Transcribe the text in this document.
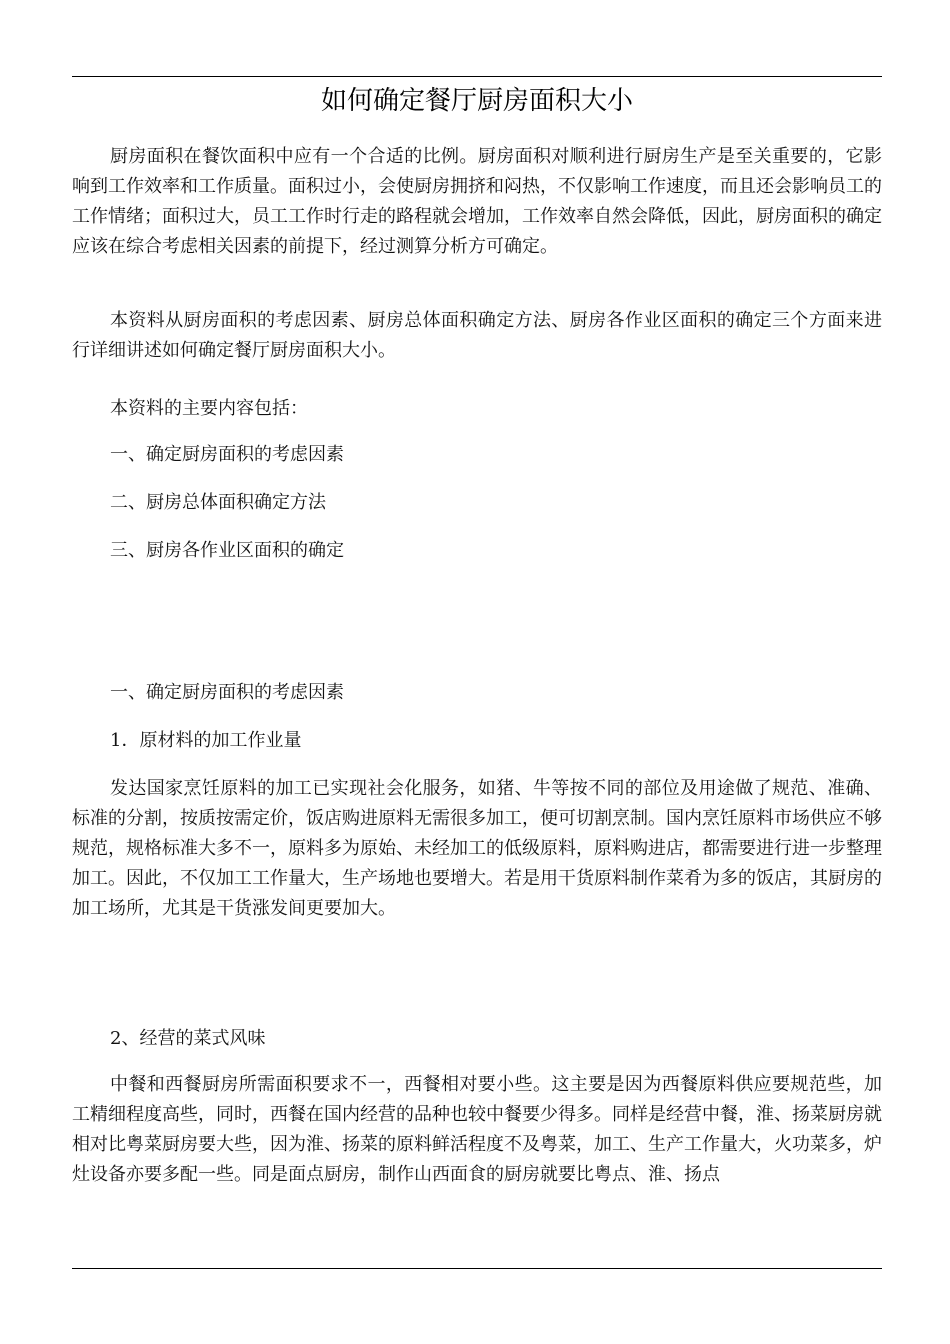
如何确定餐厅厨房面积大小

厨房面积在餐饮面积中应有一个合适的比例。厨房面积对顺利进行厨房生产是至关重要的，它影响到工作效率和工作质量。面积过小，会使厨房拥挤和闷热，不仅影响工作速度，而且还会影响员工的工作情绪；面积过大，员工工作时行走的路程就会增加，工作效率自然会降低，因此，厨房面积的确定应该在综合考虑相关因素的前提下，经过测算分析方可确定。

本资料从厨房面积的考虑因素、厨房总体面积确定方法、厨房各作业区面积的确定三个方面来进行详细讲述如何确定餐厅厨房面积大小。

本资料的主要内容包括：

一、确定厨房面积的考虑因素

二、厨房总体面积确定方法

三、厨房各作业区面积的确定

一、确定厨房面积的考虑因素

1．原材料的加工作业量

发达国家烹饪原料的加工已实现社会化服务，如猪、牛等按不同的部位及用途做了规范、准确、标准的分割，按质按需定价，饭店购进原料无需很多加工，便可切割烹制。国内烹饪原料市场供应不够规范，规格标准大多不一，原料多为原始、未经加工的低级原料，原料购进店，都需要进行进一步整理加工。因此，不仅加工工作量大，生产场地也要增大。若是用干货原料制作菜肴为多的饭店，其厨房的加工场所，尤其是干货涨发间更要加大。

2、经营的菜式风味

中餐和西餐厨房所需面积要求不一，西餐相对要小些。这主要是因为西餐原料供应要规范些，加工精细程度高些，同时，西餐在国内经营的品种也较中餐要少得多。同样是经营中餐，淮、扬菜厨房就相对比粤菜厨房要大些，因为淮、扬菜的原料鲜活程度不及粤菜，加工、生产工作量大，火功菜多，炉灶设备亦要多配一些。同是面点厨房，制作山西面食的厨房就要比粤点、淮、扬点
